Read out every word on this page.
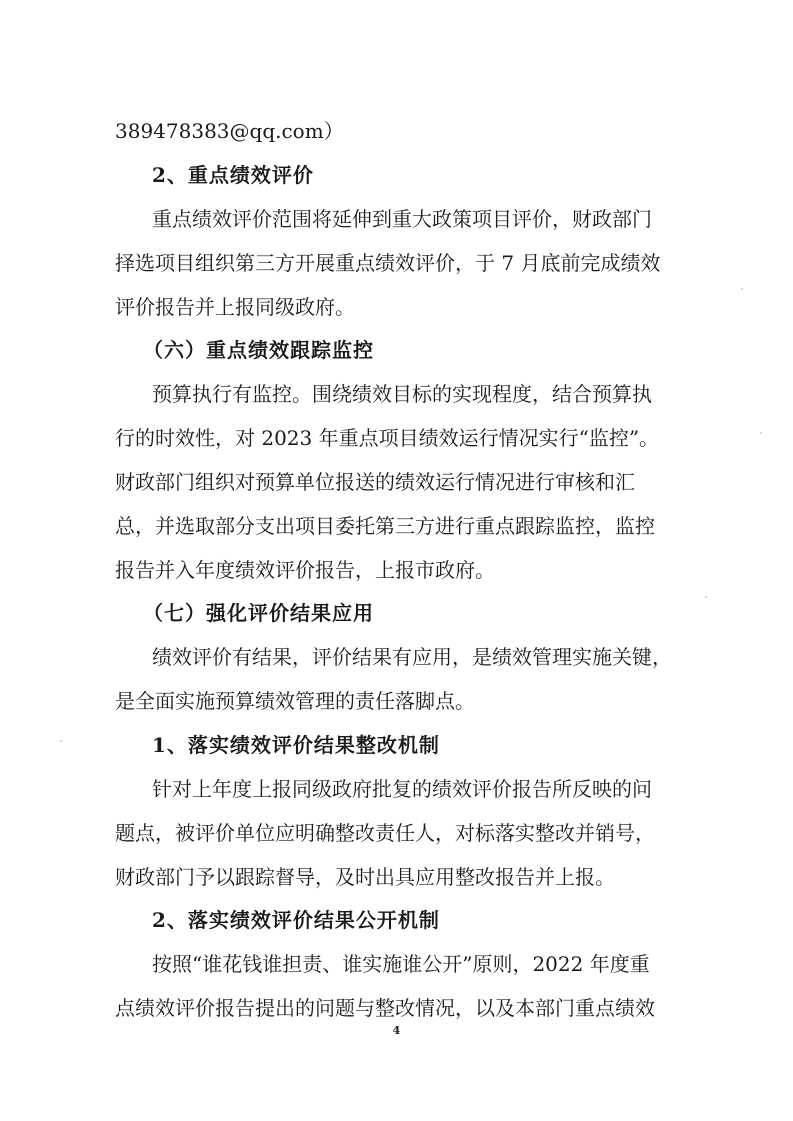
389478383@qq.com）

2、重点绩效评价

重点绩效评价范围将延伸到重大政策项目评价，财政部门

择选项目组织第三方开展重点绩效评价，于 7 月底前完成绩效

评价报告并上报同级政府。

（六）重点绩效跟踪监控

预算执行有监控。围绕绩效目标的实现程度，结合预算执

行的时效性，对 2023 年重点项目绩效运行情况实行“监控”。

财政部门组织对预算单位报送的绩效运行情况进行审核和汇

总，并选取部分支出项目委托第三方进行重点跟踪监控，监控

报告并入年度绩效评价报告，上报市政府。

（七）强化评价结果应用

绩效评价有结果，评价结果有应用，是绩效管理实施关键，

是全面实施预算绩效管理的责任落脚点。

1、落实绩效评价结果整改机制

针对上年度上报同级政府批复的绩效评价报告所反映的问

题点，被评价单位应明确整改责任人，对标落实整改并销号，

财政部门予以跟踪督导，及时出具应用整改报告并上报。

2、落实绩效评价结果公开机制

按照“谁花钱谁担责、谁实施谁公开”原则，2022 年度重

点绩效评价报告提出的问题与整改情况，以及本部门重点绩效

4
